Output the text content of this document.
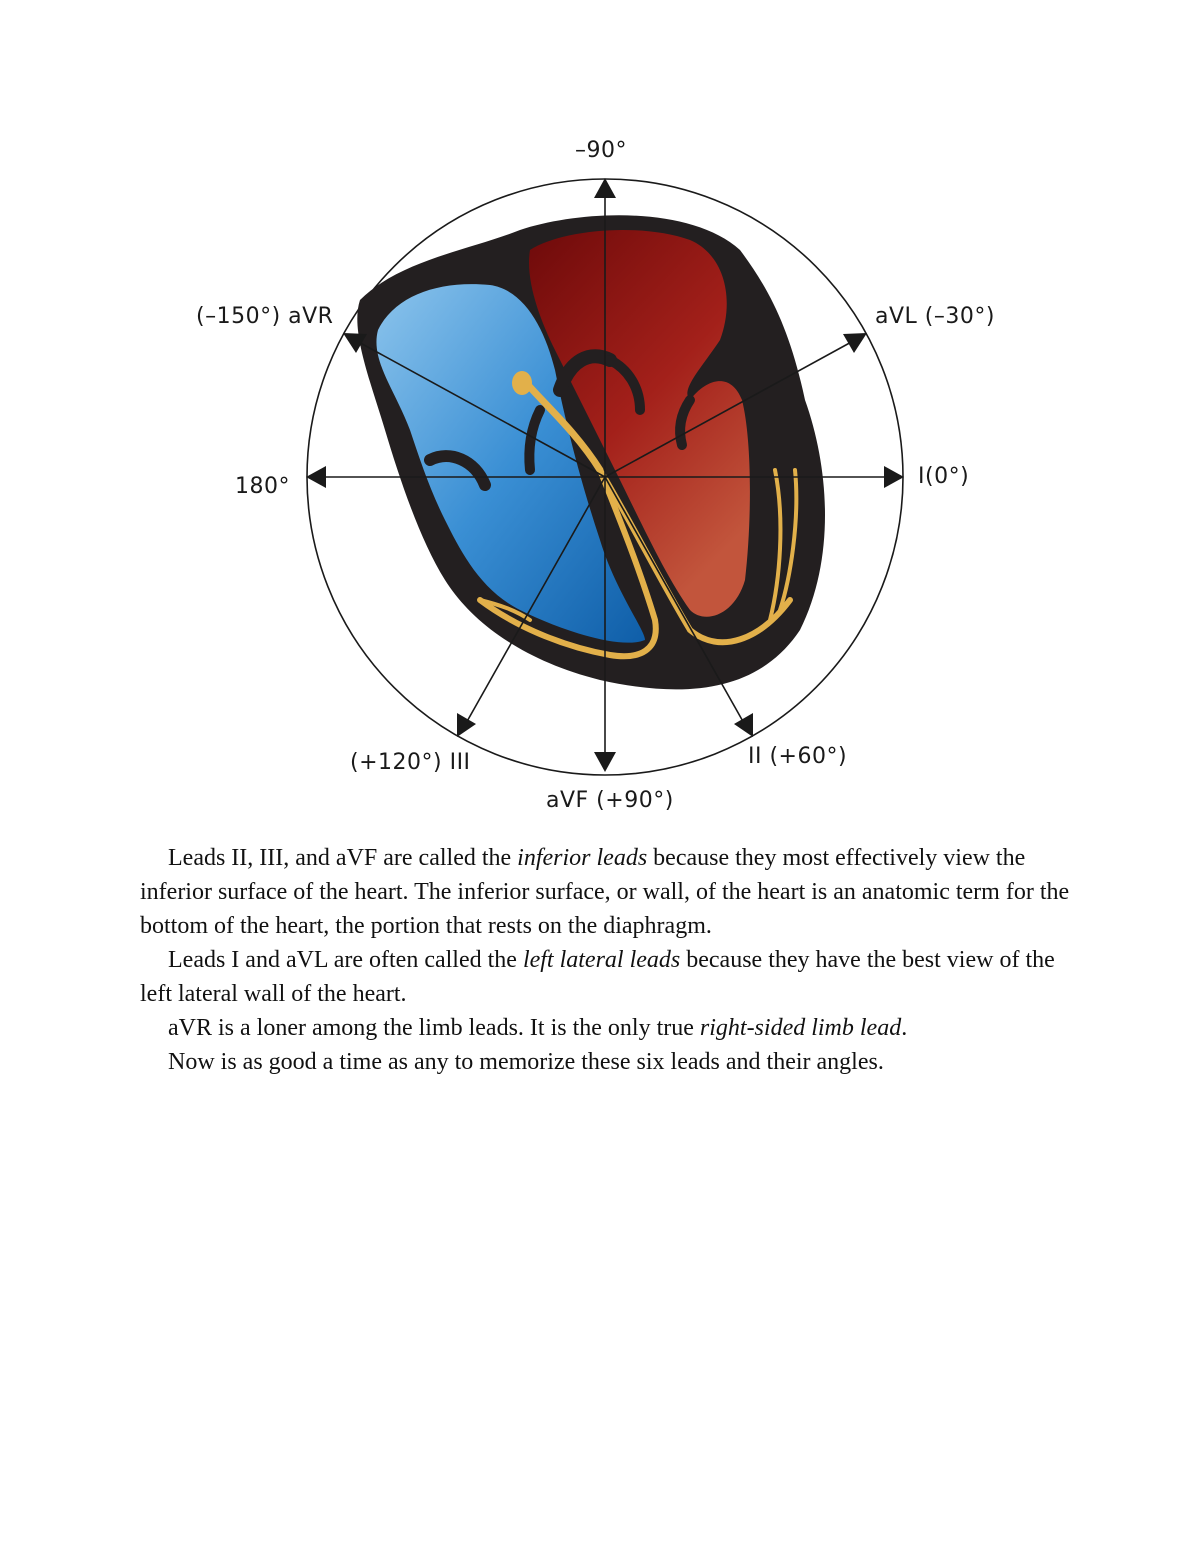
–90°
(–150°) aVR	aVL (–30°)
180°	I(0°)
(+120°) III	II (+60°)
aVF (+90°)

Leads II, III, and aVF are called the inferior leads because they most effectively view the inferior surface of the heart. The inferior surface, or wall, of the heart is an anatomic term for the bottom of the heart, the portion that rests on the diaphragm.

Leads I and aVL are often called the left lateral leads because they have the best view of the left lateral wall of the heart.

aVR is a loner among the limb leads. It is the only true right-sided limb lead.

Now is as good a time as any to memorize these six leads and their angles.
